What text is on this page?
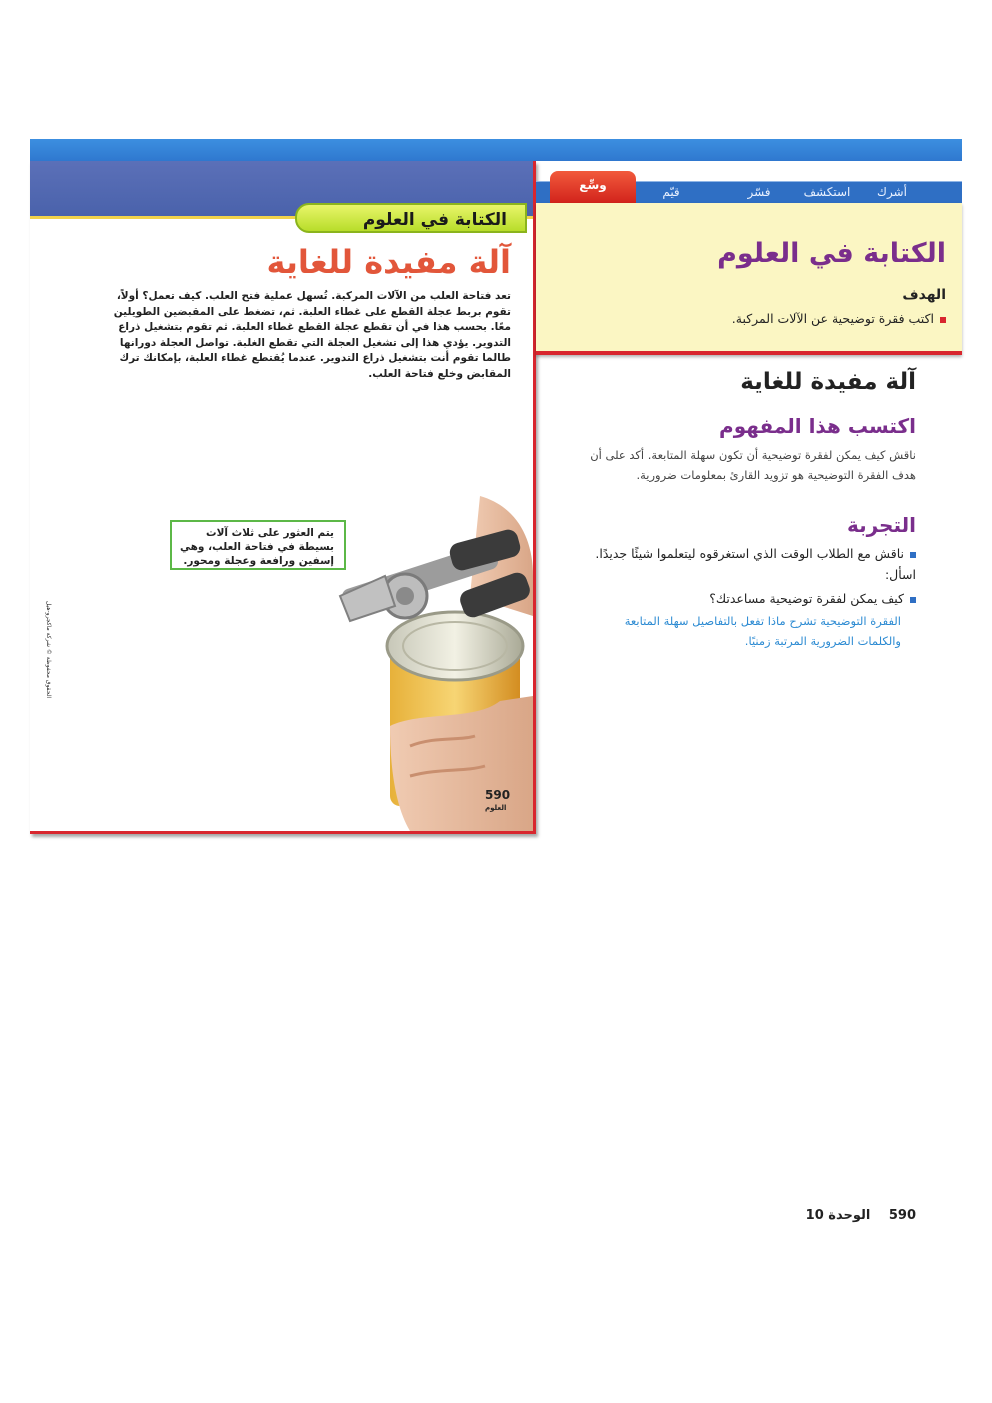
الكتابة في العلوم
آلة مفيدة للغاية
تعد فتاحة العلب من الآلات المركبة. تُسهل عملية فتح العلب. كيف تعمل؟ أولاً، تقوم بربط عجلة القطع على غطاء العلبة. ثم، تضغط على المقبضين الطويلين معًا. بحسب هذا في أن تقطع عجلة القطع غطاء العلبة. ثم تقوم بتشغيل ذراع التدوير. يؤدي هذا إلى تشغيل العجلة التي تقطع الغلبة. تواصل العجلة دورانها طالما تقوم أنت بتشغيل ذراع التدوير. عندما يُقتطع غطاء العلبة، بإمكانك ترك المقابض وخلع فتاحة العلب.
يتم العثور على ثلاث آلات بسيطة في فتاحة العلب، وهي إسفين ورافعة وعجلة ومحور.
590
العلوم
الحقوق محفوظة © شركة ماكجرو-هيل
أشرك
استكشف
فسّر
قيّم
وسِّع
الكتابة في العلوم
الهدف
اكتب فقرة توضيحية عن الآلات المركبة.
آلة مفيدة للغاية
اكتسب هذا المفهوم
ناقش كيف يمكن لفقرة توضيحية أن تكون سهلة المتابعة. أكد على أن هدف الفقرة التوضيحية هو تزويد القارئ بمعلومات ضرورية.
التجربة
ناقش مع الطلاب الوقت الذي استغرقوه ليتعلموا شيئًا جديدًا. اسأل:
كيف يمكن لفقرة توضيحية مساعدتك؟
الفقرة التوضيحية تشرح ماذا تفعل بالتفاصيل سهلة المتابعة والكلمات الضرورية المرتبة زمنيًا.
590 الوحدة 10
